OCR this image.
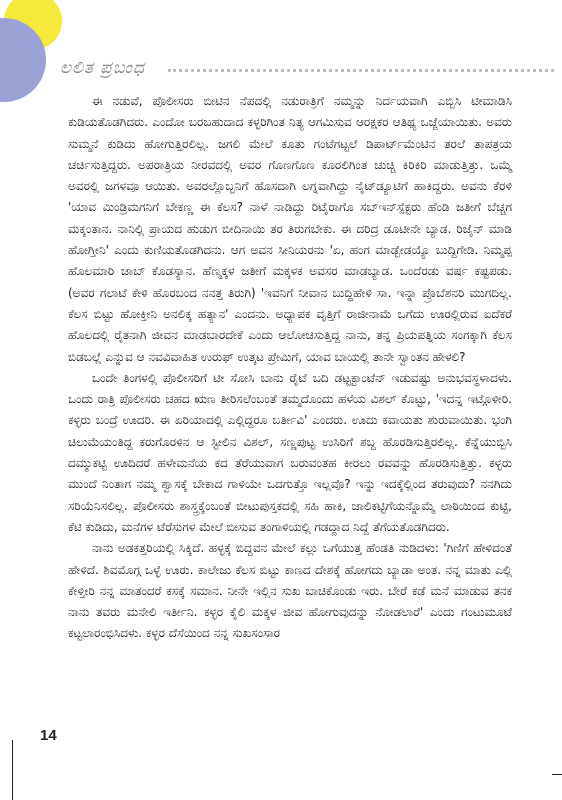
ಲಲಿತ ಪ್ರಬಂಧ

ಈ ನಡುವೆ, ಪೊಲೀಸರು ಬೀಟಿನ ನೆಪದಲ್ಲಿ ನಡುರಾತ್ರಿಗೆ ನಮ್ಮನ್ನು ನಿರ್ದಯವಾಗಿ ಎಬ್ಬಿಸಿ ಟೀಮಾಡಿಸಿ ಕುಡಿಯತೊಡಗಿದರು. ಎಂದೋ ಬರಬಹುದಾದ ಕಳ್ಳರಿಗಿಂತ ನಿತ್ಯ ಆಗಮಿಸುವ ಆರಕ್ಷಕರ ಆತಿಥ್ಯ ಒಜ್ಜೆಯಾಯಿತು. ಅವರು ಸುಮ್ಮನೆ ಕುಡಿದು ಹೋಗುತ್ತಿರಲಿಲ್ಲ. ಜಗಲಿ ಮೇಲೆ ಕೂತು ಗಂಟೆಗಟ್ಟಲೆ ಡಿಪಾರ್ಟ್‌ಮೆಂಟಿನ ತರಲೆ ತಾಪತ್ರಯ ಚರ್ಚಿಸುತ್ತಿದ್ದರು. ಅಪರಾತ್ರಿಯ ನೀರವದಲ್ಲಿ ಅವರ ಗೊಣಗೊಣ ಕೂರಲಿಗಿಂತ ಚುಚ್ಚಿ ಕಿರಿಕಿರಿ ಮಾಡುತ್ತಿತ್ತು. ಒಮ್ಮೆ ಅವರಲ್ಲಿ ಜಗಳವೂ ಆಯಿತು. ಅವರಲ್ಲೊಬ್ಬನಿಗೆ ಹೊಸದಾಗಿ ಲಗ್ನವಾಗಿದ್ದು ನೈಟ್‌ಡ್ಯೂಟಿಗೆ ಹಾಕಿದ್ದರು. ಅವನು ಕೆರಳಿ 'ಯಾವ ಮಿಂಡ್ರಿಮಗನಿಗೆ ಬೇಕಣ್ಣ ಈ ಕೆಲಸ? ನಾಳೆ ನಾಡಿದ್ದು ರಿಟೈರಾಗೊ ಸಬ್‌ಇನ್‌ಸ್ಪೆಕ್ಟರು ಹೆಂಡಿ ಜತೀಗೆ ಬೆಚ್ಚಗ ಮಕ್ಕಂತಾನ. ನಾನಿಲ್ಲಿ ಪ್ರಾಯದ ಹುಡುಗ ಬೀದಿನಾಯಿ ತರ ತಿರುಗಬೇಕು. ಈ ದರಿದ್ರ ಡೂಟೀನೇ ಬ್ಯಾಡ. ರಿಜೈನ್ ಮಾಡಿ ಹೋಗ್ತೀನಿ' ಎಂದು ಕುಣಿಯತೊಡಗಿದನು. ಆಗ ಅವನ ಸೀನಿಯರನು 'ಏ, ಹಂಗ ಮಾಡ್ಬೇಡಯ್ಯೊ ಬುದ್ದಿಗೇಡಿ. ನಿಮ್ಮಪ್ಪ ಹೊಲಮಾರಿ ಜಾಬ್ ಕೊಡಸ್ಯಾನ. ಹೆಣ್ಮಕ್ಕಳ ಜತೀಗೆ ಮಕ್ಕಳಕ ಅವಸರ ಮಾಡಬ್ಯಾಡ. ಒಂದೆರಡು ವರ್ಷ ಕಷ್ಟಪಡು. (ಅವರ ಗಲಾಟೆ ಕೇಳಿ ಹೊರಬಂದ ನನತ್ತ ತಿರುಗಿ) 'ಇವನಿಗೆ ನೀವಾನ ಬುದ್ಧಿಹೇಳಿ ಸಾ. ಇನ್ನಾ ಪ್ರೊಬೆಶನರಿ ಮುಗದಿಲ್ಲ. ಕೆಲಸ ಬಿಟ್ಟು ಹೋಕ್ತೀನಿ ಅನಲಿಕ್ಕ ಹತ್ಯಾನ' ಎಂದನು. ಅಧ್ಯಾಪಕ ವೃತ್ತಿಗೆ ರಾಜೀನಾಮೆ ಒಗೆದು ಊರಲ್ಲಿರುವ ಐದೆಕರೆ ಹೊಲದಲ್ಲಿ ರೈತನಾಗಿ ಜೀವನ ಮಾಡಬಾರದೇಕೆ ಎಂದು ಆಲೋಚಿಸುತ್ತಿದ್ದ ನಾನು, ತನ್ನ ಪ್ರಿಯಪತ್ನಿಯ ಸಂಗಕ್ಕಾಗಿ ಕೆಲಸ ಬಿಡಬಲ್ಲೆ ಎನ್ನುವ ಆ ನವವಿವಾಹಿತ ಉರುಫ್ ಉತ್ಕಟ ಪ್ರೇಮಿಗೆ, ಯಾವ ಬಾಯಲ್ಲಿ ತಾನೇ ಸ್ವಾಂತನ ಹೇಳಲಿ?

ಒಂದೇ ತಿಂಗಳಲ್ಲಿ ಪೊಲೀಸರಿಗೆ ಟೀ ಸೋಸಿ ಬಾನು ರೈಟೆ ಬದಿ ಡಟ್ಟಕ್ಟಾಂಟೆನ್ ಇಡುವಷ್ಟು ಅನುಭವಸ್ಥಳಾದಳು. ಒಂದು ರಾತ್ರಿ ಪೊಲೀಸರು ಚಹದ ಋಣ ತೀರಿಸಲೆಂಬಂತೆ ತಮ್ಮದೊಂದು ಹಳೆಯ ವಿಶಲ್ ಕೊಟ್ಟು, 'ಇದನ್ನ ಇಟ್ಗೊಳೀರಿ. ಕಳ್ಳರು ಬಂದ್ರೆ ಊದರಿ. ಈ ಏರಿಯಾದಲ್ಲಿ ಎಲ್ಲಿದ್ದರೂ ಬರ್ತೀವಿ' ಎಂದರು. ಊದು ಕವಾಯತು ಶುರುವಾಯಿತು. ಭಂಗಿ ಚಿಲುಮೆಯಂತಿದ್ದ ಕರುಗೊರಳಿನ ಆ ಸ್ಟೀಲಿನ ವಿಶಲ್, ಸಣ್ಣಪುಟ್ಟ ಉಸಿರಿಗೆ ಶಬ್ದ ಹೊರಡಿಸುತ್ತಿರಲಿಲ್ಲ. ಕೆನ್ನೆಯುಬ್ಬಿಸಿ ದಮ್ಮುಕಟ್ಟಿ ಊದಿದರೆ ಹಳೇಮನೆಯ ಕದ ತೆರೆಯುವಾಗ ಬರುವಂತಹ ಕೀರಲು ರವವನ್ನು ಹೊರಡಿಸುತ್ತಿತ್ತು. ಕಳ್ಳರು ಮುಂದೆ ನಿಂತಾಗ ನಮ್ಮ ಶ್ವಾಸಕ್ಕೆ ಬೇಕಾದ ಗಾಳಿಯೇ ಒದಗುತ್ತೊ ಇಲ್ಲವೊ? ಇನ್ನು ಇದಕ್ಕೆಲ್ಲಿಂದ ತರುವುದು? ನನಗಿದು ಸರಿಯೆನಿಸಲಿಲ್ಲ. ಪೊಲೀಸರು ಶಾಸ್ತ್ರಕ್ಕೆಂಬಂತೆ ಬೀಟುಪುಸ್ತಕದಲ್ಲಿ ಸಹಿ ಹಾಕಿ, ಜಾಲಿಕಟ್ಟಿಗೆಯನ್ನೊಮ್ಮೆ ಲಾಠಿಯಿಂದ ಕುಟ್ಟಿ, ಕೆಟಿ ಕುಡಿದು, ಮನೆಗಳ ಟೆರೆಸುಗಳ ಮೇಲೆ ಬೀಸುವ ತಂಗಾಳಿಯಲ್ಲಿ ಗಡದ್ದಾದ ನಿದ್ದೆ ತೆಗೆಯತೊಡಗಿದರು.

ನಾನು ಅಡಕತ್ತರಿಯಲ್ಲಿ ಸಿಕ್ಕಿದೆ. ಹಳ್ಳಕ್ಕೆ ಬಿದ್ದವನ ಮೇಲೆ ಕಲ್ಲು ಒಗೆಯುತ್ತ ಹೆಂಡತಿ ನುಡಿದಳು: 'ಗಿಣಿಗೆ ಹೇಳಿದಂತೆ ಹೇಳಿದೆ. ಶಿವಮೊಗ್ಗ ಒಳ್ಳೆ ಊರು. ಕಾಲೇಜು ಕೆಲಸ ಬಿಟ್ಟು ಕಾಣದ ದೇಶಕ್ಕೆ ಹೋಗದು ಬ್ಯಾಡಾ ಅಂತ. ನನ್ನ ಮಾತು ಎಲ್ಲಿ ಕೇಳ್ತೀರಿ ನನ್ನ ಮಾತಂದರೆ ಕಸಕ್ಕೆ ಸಮಾನ. ನೀನೇ ಇಲ್ಲಿನ ಸುಖ ಬಾಚಿಕೊಂಡು ಇರು. ಬೇರೆ ಕಡೆ ಮನೆ ಮಾಡುವ ತನಕ ನಾನು ತವರು ಮನೇಲಿ ಇರ್ತೀನಿ. ಕಳ್ಳರ ಕೈಲಿ ಮಕ್ಕಳ ಜೀವ ಹೋಗುವುದನ್ನು ನೋಡಲಾರೆ' ಎಂದು ಗಂಟುಮೂಟೆ ಕಟ್ಟಲಾರಂಭಿಸಿದಳು. ಕಳ್ಳರ ದೆಸೆಯಿಂದ ನನ್ನ ಸುಖಸಂಸಾರ

14
